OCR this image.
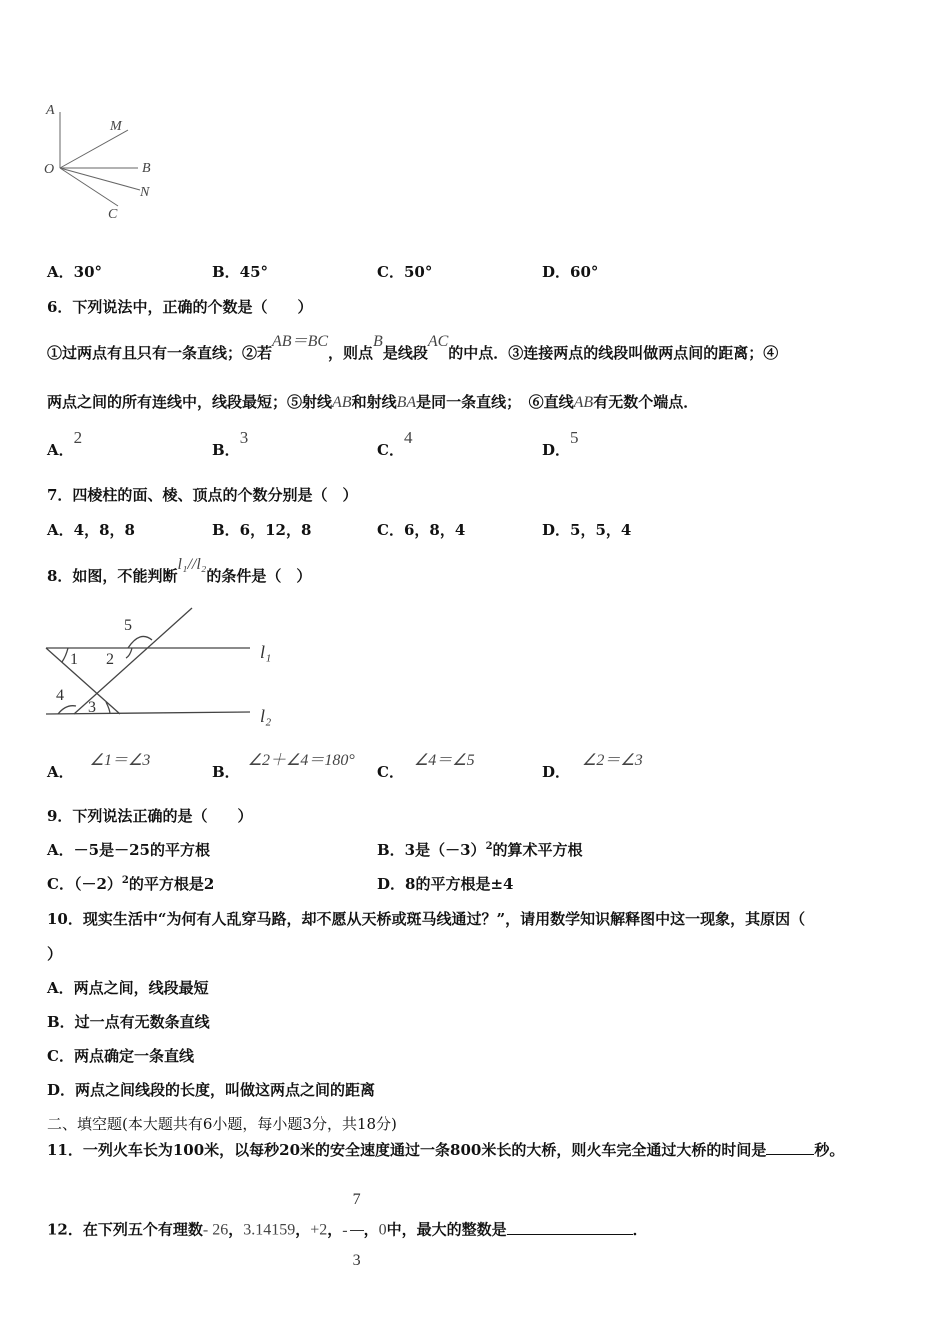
A
M
O	B
N
C
A．30°	B．45°	C．50°	D．60°
6．下列说法中，正确的个数是（　　）
①过两点有且只有一条直线；②若AB＝BC，则点B是线段AC的中点．③连接两点的线段叫做两点间的距离；④
两点之间的所有连线中，线段最短；⑤射线AB和射线BA是同一条直线；　⑥直线AB有无数个端点．
A．2
B．3
C．4
D．5
7．四棱柱的面、棱、顶点的个数分别是（　）
A．4，8，8	B．6，12，8	C．6，8，4	D．5，5，4
8．如图，不能判断l₁//l₂的条件是（　）
5
1 2
4
3
l₁
l₂
A．∠1＝∠3
B．∠2＋∠4＝180°
C．∠4＝∠5
D．∠2＝∠3
9．下列说法正确的是（　　）
A．－5是－25的平方根	B．3是$(-3)^2$的算术平方根
C．$(-2)^2$的平方根是2	D．8的平方根是±4
10．现实生活中“为何有人乱穿马路，却不愿从天桥或斑马线通过？”，请用数学知识解释图中这一现象，其原因（
）
A．两点之间，线段最短
B．过一点有无数条直线
C．两点确定一条直线
D．两点之间线段的长度，叫做这两点之间的距离
二、填空题(本大题共有6小题，每小题3分，共18分)
11．一列火车长为100米，以每秒20米的安全速度通过一条800米长的大桥，则火车完全通过大桥的时间是	秒。
12．在下列五个有理数- 26，3.14159，+2，- $\frac{7}{3}$ ，0中，最大的整数是	．
